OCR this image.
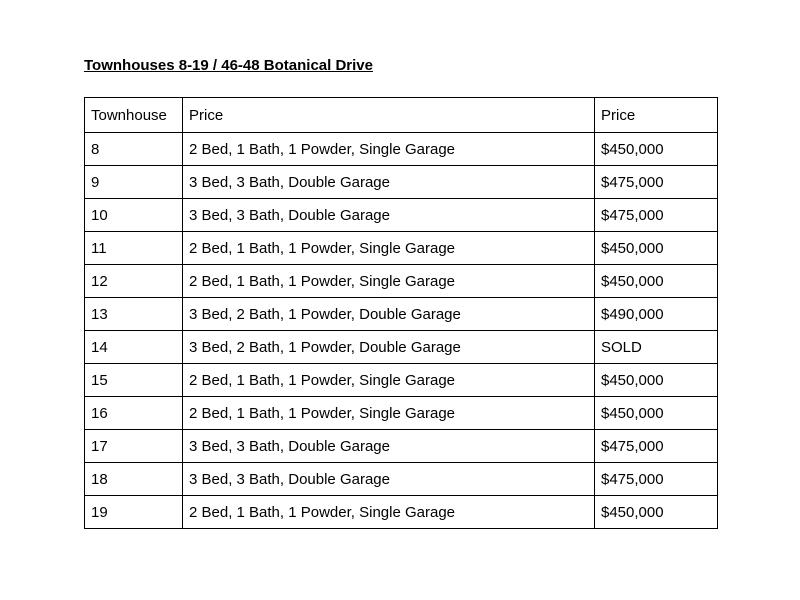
Townhouses 8-19 / 46-48 Botanical Drive
Townhouse	Price	Price
8	2 Bed, 1 Bath, 1 Powder, Single Garage	$450,000
9	3 Bed, 3 Bath, Double Garage	$475,000
10	3 Bed, 3 Bath, Double Garage	$475,000
11	2 Bed, 1 Bath, 1 Powder, Single Garage	$450,000
12	2 Bed, 1 Bath, 1 Powder, Single Garage	$450,000
13	3 Bed, 2 Bath, 1 Powder, Double Garage	$490,000
14	3 Bed, 2 Bath, 1 Powder, Double Garage	SOLD
15	2 Bed, 1 Bath, 1 Powder, Single Garage	$450,000
16	2 Bed, 1 Bath, 1 Powder, Single Garage	$450,000
17	3 Bed, 3 Bath, Double Garage	$475,000
18	3 Bed, 3 Bath, Double Garage	$475,000
19	2 Bed, 1 Bath, 1 Powder, Single Garage	$450,000
